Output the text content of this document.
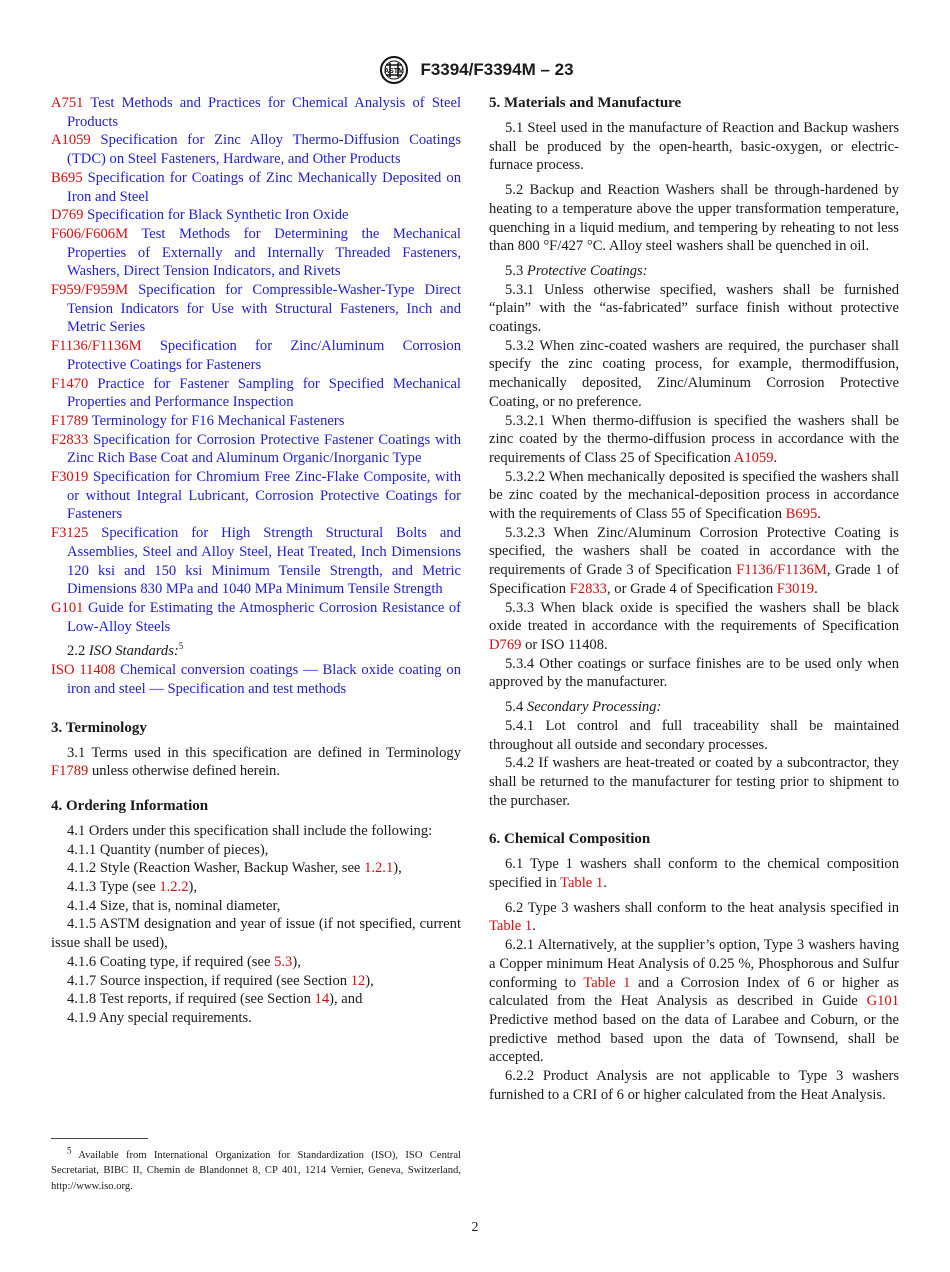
ASTM F3394/F3394M – 23

A751 Test Methods and Practices for Chemical Analysis of Steel Products

A1059 Specification for Zinc Alloy Thermo-Diffusion Coatings (TDC) on Steel Fasteners, Hardware, and Other Products

B695 Specification for Coatings of Zinc Mechanically Deposited on Iron and Steel

D769 Specification for Black Synthetic Iron Oxide

F606/F606M Test Methods for Determining the Mechanical Properties of Externally and Internally Threaded Fasteners, Washers, Direct Tension Indicators, and Rivets

F959/F959M Specification for Compressible-Washer-Type Direct Tension Indicators for Use with Structural Fasteners, Inch and Metric Series

F1136/F1136M Specification for Zinc/Aluminum Corrosion Protective Coatings for Fasteners

F1470 Practice for Fastener Sampling for Specified Mechanical Properties and Performance Inspection

F1789 Terminology for F16 Mechanical Fasteners

F2833 Specification for Corrosion Protective Fastener Coatings with Zinc Rich Base Coat and Aluminum Organic/Inorganic Type

F3019 Specification for Chromium Free Zinc-Flake Composite, with or without Integral Lubricant, Corrosion Protective Coatings for Fasteners

F3125 Specification for High Strength Structural Bolts and Assemblies, Steel and Alloy Steel, Heat Treated, Inch Dimensions 120 ksi and 150 ksi Minimum Tensile Strength, and Metric Dimensions 830 MPa and 1040 MPa Minimum Tensile Strength

G101 Guide for Estimating the Atmospheric Corrosion Resistance of Low-Alloy Steels

2.2 ISO Standards:$^5$

ISO 11408 Chemical conversion coatings — Black oxide coating on iron and steel — Specification and test methods

3. Terminology

3.1 Terms used in this specification are defined in Terminology F1789 unless otherwise defined herein.

4. Ordering Information

4.1 Orders under this specification shall include the following:

4.1.1 Quantity (number of pieces),

4.1.2 Style (Reaction Washer, Backup Washer, see 1.2.1),

4.1.3 Type (see 1.2.2),

4.1.4 Size, that is, nominal diameter,

4.1.5 ASTM designation and year of issue (if not specified, current issue shall be used),

4.1.6 Coating type, if required (see 5.3),

4.1.7 Source inspection, if required (see Section 12),

4.1.8 Test reports, if required (see Section 14), and

4.1.9 Any special requirements.

$^5$ Available from International Organization for Standardization (ISO), ISO Central Secretariat, BIBC II, Chemin de Blandonnet 8, CP 401, 1214 Vernier, Geneva, Switzerland, http://www.iso.org.

5. Materials and Manufacture

5.1 Steel used in the manufacture of Reaction and Backup washers shall be produced by the open-hearth, basic-oxygen, or electric-furnace process.

5.2 Backup and Reaction Washers shall be through-hardened by heating to a temperature above the upper transformation temperature, quenching in a liquid medium, and tempering by reheating to not less than 800 °F/427 °C. Alloy steel washers shall be quenched in oil.

5.3 Protective Coatings:

5.3.1 Unless otherwise specified, washers shall be furnished “plain” with the “as-fabricated” surface finish without protective coatings.

5.3.2 When zinc-coated washers are required, the purchaser shall specify the zinc coating process, for example, thermodiffusion, mechanically deposited, Zinc/Aluminum Corrosion Protective Coating, or no preference.

5.3.2.1 When thermo-diffusion is specified the washers shall be zinc coated by the thermo-diffusion process in accordance with the requirements of Class 25 of Specification A1059.

5.3.2.2 When mechanically deposited is specified the washers shall be zinc coated by the mechanical-deposition process in accordance with the requirements of Class 55 of Specification B695.

5.3.2.3 When Zinc/Aluminum Corrosion Protective Coating is specified, the washers shall be coated in accordance with the requirements of Grade 3 of Specification F1136/F1136M, Grade 1 of Specification F2833, or Grade 4 of Specification F3019.

5.3.3 When black oxide is specified the washers shall be black oxide treated in accordance with the requirements of Specification D769 or ISO 11408.

5.3.4 Other coatings or surface finishes are to be used only when approved by the manufacturer.

5.4 Secondary Processing:

5.4.1 Lot control and full traceability shall be maintained throughout all outside and secondary processes.

5.4.2 If washers are heat-treated or coated by a subcontractor, they shall be returned to the manufacturer for testing prior to shipment to the purchaser.

6. Chemical Composition

6.1 Type 1 washers shall conform to the chemical composition specified in Table 1.

6.2 Type 3 washers shall conform to the heat analysis specified in Table 1.

6.2.1 Alternatively, at the supplier’s option, Type 3 washers having a Copper minimum Heat Analysis of 0.25 %, Phosphorous and Sulfur conforming to Table 1 and a Corrosion Index of 6 or higher as calculated from the Heat Analysis as described in Guide G101 Predictive method based on the data of Larabee and Coburn, or the predictive method based upon the data of Townsend, shall be accepted.

6.2.2 Product Analysis are not applicable to Type 3 washers furnished to a CRI of 6 or higher calculated from the Heat Analysis.

2
